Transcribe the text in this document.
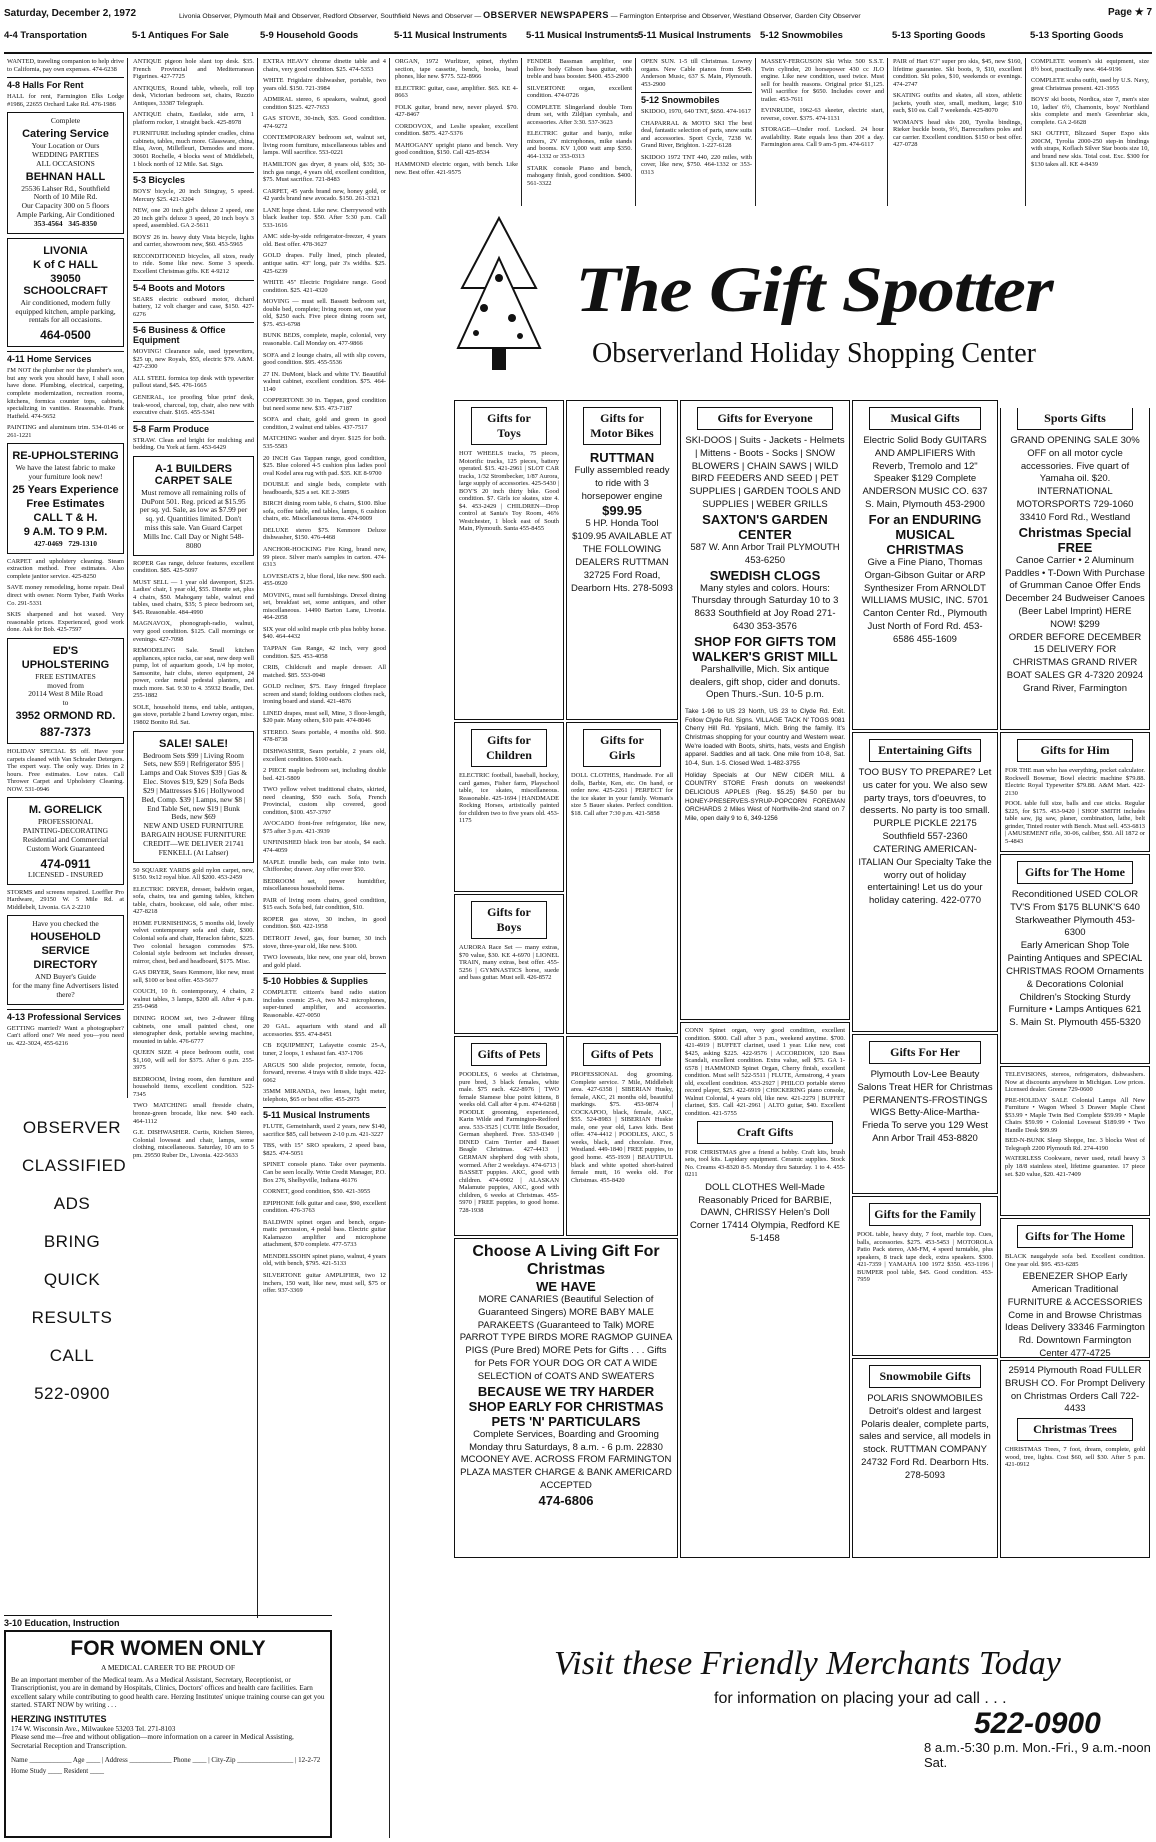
Saturday, December 2, 1972	Livonia Observer, Plymouth Mail and Observer, Redford Observer, Southfield News and Observer — OBSERVER NEWSPAPERS — Farmington Enterprise and Observer, Westland Observer, Garden City Observer	Page ★ 7
4-4 Transportation	5-1 Antiques For Sale	5-9 Household Goods	5-11 Musical Instruments 5-11 Musical Instruments 5-11 Musical Instruments 5-12 Snowmobiles	5-13 Sporting Goods	5-13 Sporting Goods

WANTED, traveling companion to help drive to California, pay own expenses. 474-6238

4-8 Halls For Rent

HALL for rent, Farmington Elks Lodge #1986, 22655 Orchard Lake Rd. 476-1986

Complete
Catering Service
Your Location or Ours
WEDDING PARTIES
ALL OCCASIONS
BEHNAN HALL
25536 Lahser Rd., Southfield
North of 10 Mile Rd.
Our Capacity 300 on 5 floors
Ample Parking, Air Conditioned
353-4564 345-8350
LIVONIA
K of C HALL
39050 SCHOOLCRAFT
Air conditioned, modern fully equipped kitchen, ample parking, rentals for all occasions.
464-0500
4-11 Home Services

I'M NOT the plumber nor the plumber's son, but any work you should have, I shall soon have done. Plumbing, electrical, carpeting, complete modernization, recreation rooms, kitchens, formica counter tops, cabinets, specializing in vanities. Reasonable. Frank Hatfield. 474-5652

PAINTING and aluminum trim. 534-0146 or 261-1221

RE-UPHOLSTERING
We have the latest fabric to make your furniture look new!
25 Years Experience
Free Estimates
CALL T & H.
9 A.M. TO 9 P.M.
427-0469 729-1310

CARPET and upholstery cleaning. Steam extraction method. Free estimates. Also complete janitor service. 425-8250

SAVE money remodeling, home repair. Deal direct with owner. Norm Tyber, Faith Works Co. 291-5331

SKIS sharpened and hot waxed. Very reasonable prices. Experienced, good work done. Ask for Bob. 425-7597

ED'S
UPHOLSTERING
FREE ESTIMATES
moved from
20114 West 8 Mile Road
to
3952 ORMOND RD.
887-7373

HOLIDAY SPECIAL $5 off. Have your carpets cleaned with Van Schrader Detergers. The expert way. The only way. Dries in 2 hours. Free estimates. Low rates. Call Thrower Carpet and Upholstery Cleaning. NOW. 531-0946

M. GORELICK
PROFESSIONAL
PAINTING-DECORATING
Residential and Commercial
Custom Work Guaranteed
474-0911
LICENSED - INSURED

STORMS and screens repaired. Loeffler Pro Hardware, 29150 W. 5 Mile Rd. at Middlebelt, Livonia. GA 2-2210

Have you checked the
HOUSEHOLD
SERVICE
DIRECTORY
AND Buyer's Guide
for the many fine Advertisers listed there?
4-13 Professional Services

GETTING married? Want a photographer? Can't afford one? We need you—you need us. 422-3024, 455-6216

OBSERVER
CLASSIFIED
ADS
BRING
QUICK
RESULTS
CALL
522-0900

ANTIQUE pigeon hole slant top desk. $35. French Provincial and Mediterranean Figurines. 427-7725

ANTIQUES, Round table, wheels, roll top desk, Victorian bedroom set, chairs, Ruzzio Antiques, 33387 Telegraph.

ANTIQUE chairs, Eastlake, side arm, 1 platform rocker, 1 straight back. 425-8978

FURNITURE including spinder cradles, china cabinets, tables, much more. Glassware, china, Elsa, Avon, Millefleuri, Demodes and more. 30601 Rochelle, 4 blocks west of Middlebelt, 1 block north of 12 Mile. Sat. Sign.

5-3 Bicycles

BOYS' bicycle, 20 inch Stingray, 5 speed. Mercury $25. 421-3204

NEW, one 20 inch girl's deluxe 2 speed, one 20 inch girl's deluxe 3 speed, 20 inch boy's 3 speed, assembled. GA 2-5611

BOYS' 26 in. heavy duty Vista bicycle, lights and carrier, showroom new, $60. 453-5965

RECONDITIONED bicycles, all sizes, ready to ride. Some like new. Some 3 speeds. Excellent Christmas gifts. KE 4-9212

5-4 Boots and Motors

SEARS electric outboard motor, dichard battery, 12 volt charger and case, $150. 427-6276

5-6 Business & Office Equipment

MOVING! Clearance sale, used typewriters, $25 up, new Royals, $55, electric $79. A&M. 427-2300

ALL STEEL formica top desk with typewriter pullout stand, $45. 476-1665

GENERAL, ice proofing 'blue print' desk, teak-wood, charcoal, top, chair, also new with executive chair. $165. 455-5341

5-8 Farm Produce

STRAW. Clean and bright for mulching and bedding. Ou York at farm. 453-6429

A-1 BUILDERS CARPET SALE
Must remove all remaining rolls of DuPont 501. Reg. priced at $15.95 per sq. yd. Sale, as low as $7.99 per sq. yd. Quantities limited. Don't miss this sale. Van Guard Carpet Mills Inc. Call Day or Night 548-8080

ROPER Gas range, deluxe features, excellent condition. $85. 425-5097

MUST SELL — 1 year old davenport, $125. Ladies' chair, 1 year old, $55. Dinette set, plus 4 chairs, $50. Mahogany table, walnut end tables, used chairs, $35; 5 piece bedroom set, $45. Reasonable. 484-4990

MAGNAVOX, phonograph-radio, walnut, very good condition. $125. Call mornings or evenings. 427-7098

REMODELING Sale. Small kitchen appliances, spice racks, car seat, new deep well pump, lot of aquarium goods, 1/4 hp motor, Samsonite, hair clubs, stereo equipment, 24 power, cedar metal pedestal planters, and much more. Sat. 9:30 to 4. 35932 Bradle, Det. 255-1882

SOLE, household items, end table, antiques, gas stove, portable 2 band Lowrey organ, misc. 19802 Bonito Rd. Sat.

SALE! SALE!
Bedroom Sets $99 | Living Room Sets, new $59 | Refrigerator $95 | Lamps and Oak Stoves $39 | Gas & Elec. Stoves $19, $29 | Sofa Beds $29 | Mattresses $16 | Hollywood Bed, Comp. $39 | Lamps, new $8 | End Table Set, new $19 | Bunk Beds, new $69
NEW AND USED FURNITURE BARGAIN HOUSE FURNITURE CREDIT—WE DELIVER 21741 FENKELL (At Lahser)

50 SQUARE YARDS gold nylon carpet, new, $150. 9x12 royal blue. All $200. 453-2459

ELECTRIC DRYER, dresser, baldwin organ, sofa, chairs, tea and gaming tables, kitchen table, chairs, bookcase, old sale, other misc. 427-8218

HOME FURNISHINGS, 5 months old, lovely velvet contemporary sofa and chair, $300. Colonial sofa and chair, Heraclon fabric, $225. Two colonial hexagon commodes $75. Colonial style bedroom set includes dresser, mirror, chest, bed and headboard, $175. Misc.

GAS DRYER, Sears Kenmore, like new, must sell, $100 or best offer. 453-5677

COUCH, 10 ft. contemporary, 4 chairs, 2 walnut tables, 3 lamps, $200 all. After 4 p.m. 255-0468

DINING ROOM set, two 2-drawer filing cabinets, one small painted chest, one stenographer desk, portable sewing machine, mounted in table. 476-6777

QUEEN SIZE 4 piece bedroom outfit, cost $1,160, will sell for $375. After 6 p.m. 255-3975

BEDROOM, living room, den furniture and household items, excellent condition. 522-7345

TWO MATCHING small fireside chairs, bronze-green brocade, like new. $40 each. 464-1112

G.E. DISHWASHER. Curtis, Kitchen Stereo, Colonial loveseat and chair, lamps, some clothing, miscellaneous. Saturday, 10 am to 5 pm. 29550 Ruber Dr., Livonia. 422-5633

EXTRA HEAVY chrome dinette table and 4 chairs, very good condition. $25. 474-5353

WHITE Frigidaire dishwasher, portable, two years old. $150. 721-3984

ADMIRAL stereo, 6 speakers, walnut, good condition $125. 427-7653

GAS STOVE, 30-inch, $35. Good condition. 474-9272

CONTEMPORARY bedroom set, walnut set, living room furniture, miscellaneous tables and lamps. Will sacrifice. 553-0221

HAMILTON gas dryer, 8 years old, $35; 30-inch gas range, 4 years old, excellent condition, $75. Must sacrifice. 721-8483

CARPET, 45 yards brand new, honey gold, or 42 yards brand new avocado. $150. 261-3321

LANE hope chest. Like new. Cherrywood with black leather top. $50. After 5:30 p.m. Call 533-1616

AMC side-by-side refrigerator-freezer, 4 years old. Best offer. 478-3627

GOLD drapes. Fully lined, pinch pleated, antique satin. 43" long, pair 3's widths. $25. 425-6239

WHITE 45" Electric Frigidaire range. Good condition. $25. 421-4320

MOVING — must sell. Bassett bedroom set, double bed, complete; living room set, one year old, $250 each. Five piece dining room set, $75. 453-6798

BUNK BEDS, complete, maple, colonial, very reasonable. Call Monday on. 477-9866

SOFA and 2 lounge chairs, all with slip covers, good condition. $95. 455-5536

27 IN. DuMont, black and white TV. Beautiful walnut cabinet, excellent condition. $75. 464-1140

COPPERTONE 30 in. Tappan, good condition but need some new. $35. 473-7187

SOFA and chair, gold and green in good condition, 2 walnut end tables. 437-7517

MATCHING washer and dryer. $125 for both. 535-5583

20 INCH Gas Tappan range, good condition, $25. Blue colored 4-5 cushion plus ladies pool oval Kodel area rug with pad. $35. KE 8-9700

DOUBLE and single beds, complete with headboards, $25 a set. KE 2-3985

BIRCH dining room table, 6 chairs, $100. Blue sofa, coffee table, end tables, lamps, 6 cushion chairs, etc. Miscellaneous items. 474-9009

DELUXE stereo $75. Kenmore Deluxe dishwasher, $150. 476-4468

ANCHOR-HOCKING Fire King, brand new, 99 piece. Silver man's samples in carton. 474-6313

LOVESEATS 2, blue floral, like new. $90 each. 455-0920

MOVING, must sell furnishings. Drexel dining set, breakfast set, some antiques, and other miscellaneous. 14490 Barton Lane, Livonia. 464-2058

SIX year old solid maple crib plus hobby horse. $40. 464-4432

TAPPAN Gas Range, 42 inch, very good condition. $25. 453-4058

CRIB, Childcraft and maple dresser. All matched. $85. 553-0948

GOLD recliner, $75. Easy fringed fireplace screen and stand; folding outdoors clothes rack, ironing board and stand. 421-4876

LINED drapes, must sell, Mine, 3 floor-length, $20 pair. Many others, $10 pair. 474-8046

STEREO. Sears portable, 4 months old. $60. 478-8738

DISHWASHER, Sears portable, 2 years old, excellent condition. $100 each.

2 PIECE maple bedroom set, including double bed. 421-5809

TWO yellow velvet traditional chairs, skirted, need cleaning, $50 each. Sofa, French Provincial, custom slip covered, good condition, $100. 457-3797

AVOCADO front-free refrigerator, like new, $75 after 3 p.m. 421-3939

UNFINISHED black iron bar stools, $4 each. 474-4059

MAPLE trundle beds, can make into twin. Chifforobe; drawer. Any offer over $50.

BEDROOM set, power humidifier, miscellaneous household items.

PAIR of living room chairs, good condition, $15 each. Sofa bed, fair condition, $10.

ROPER gas stove, 30 inches, in good condition. $60. 422-1958

DETROIT Jewel, gas, four burner, 30 inch stove, three-year old, like new. $100.

TWO loveseats, like new, one year old, brown and gold plaid.

5-10 Hobbies & Supplies

COMPLETE citizen's band radio station includes cosmic 25-A, two M-2 microphones, super-tuned amplifier, and accessories. Reasonable. 427-0050

20 GAL. aquarium with stand and all accessories. $55. 474-8451

CB EQUIPMENT, Lafayette cosmic 25-A, tuner, 2 loops, 1 exhaust fan. 437-1706

ARGUS 500 slide projector, remote, focus, forward, reverse. 4 trays with 8 slide trays. 422-6062

35MM MIRANDA, two lenses, light meter, telephoto, $65 or best offer. 455-2975

5-11 Musical Instruments

FLUTE, Gemeinhardt, used 2 years, new $140, sacrifice $85, call between 2-10 p.m. 421-3227

TBS, with 15" SRO speakers, 2 speed bass, $825. 474-5051

SPINET console piano. Take over payments. Can be seen locally. Write Credit Manager, P.O. Box 276, Shelbyville, Indiana 46176

CORNET, good condition, $50. 421-3955

EPIPHONE folk guitar and case, $90, excellent condition. 476-3763

BALDWIN spinet organ and bench, organ-matic percussion, 4 pedal bass. Electric guitar Kalamazoo amplifier and microphone attachment, $70 complete. 477-5733

MENDELSSOHN spinet piano, walnut, 4 years old, with bench, $795. 421-5133

SILVERTONE guitar AMPLIFIER, two 12 inchers, 150 watt, like new, must sell, $75 or offer. 937-3369

ORGAN, 1972 Wurlitzer, spinet, rhythm section, tape cassette, bench, books, head phones, like new. $775. 522-8966

ELECTRIC guitar, case, amplifier. $65. KE 4-8663

FOLK guitar, brand new, never played. $70. 427-8467

CORDOVOX, and Leslie speaker, excellent condition. $875. 427-5376

MAHOGANY upright piano and bench. Very good condition, $150. Call 425-8534

HAMMOND electric organ, with bench. Like new. Best offer. 421-9575

FENDER Bassman amplifier, one hollow body Gibson bass guitar, with treble and bass booster. $400. 453-2900

SILVERTONE organ, excellent condition. 474-0726

COMPLETE Slingerland double Tom drum set, with Zildjian cymbals, and accessories. After 3:30. 537-3623

ELECTRIC guitar and banjo, mike mixers, 2V microphones, mike stands and booms. KV 1,000 watt amp $350. 464-1332 or 353-0313

STARK console Piano and bench, mahogany finish, good condition. $400. 561-3322

OPEN SUN. 1-5 till Christmas. Lowrey organs. New Cable pianos from $549. Anderson Music, 637 S. Main, Plymouth. 453-2900

5-12 Snowmobiles

SKIDOO, 1970, 640 TNT, $650. 474-1617

CHAPARRAL & MOTO SKI The best deal, fantastic selection of parts, snow suits and accessories. Sport Cycle, 7238 W. Grand River, Brighton. 1-227-6128

SKIDOO 1972 TNT 440, 220 miles, with cover, like new, $750. 464-1332 or 353-0313

MASSEY-FERGUSON Ski Whiz 500 S.S.T. Twin cylinder, 20 horsepower 430 cc JLO engine. Like new condition, used twice. Must sell for health reasons. Original price $1,125. Will sacrifice for $650. Includes cover and trailer. 453-7611

EVINRUDE, 1962-63 skeeter, electric start, reverse, cover. $375. 474-1131

STORAGE—Under roof. Locked. 24 hour availability. Rate equals less than 20¢ a day. Farmington area. Call 9 am-5 pm. 474-6117

PAIR of Hart 6'3" super pro skis, $45, new $160, lifetime guarantee. Ski boots, 9, $10, excellent condition. Ski poles, $10, weekends or evenings. 474-2747

SKATING outfits and skates, all sizes, athletic jackets, youth size, small, medium, large; $10 each, $10 ea. Call 7 weekends. 425-8070

WOMAN'S head skis 200, Tyrolia bindings, Rieker buckle boots, 9½, Barrecrafters poles and car carrier. Excellent condition. $150 or best offer. 427-0728

COMPLETE women's ski equipment, size 8½ boot, practically new. 464-9196

COMPLETE scuba outfit, used by U.S. Navy, great Christmas present. 421-3955

BOYS' ski boots, Nordica, size 7, men's size 10, ladies' 6½, Chamonix, boys' Northland skis complete and men's Greenbriar skis, complete. GA 2-6628

SKI OUTFIT, Blizzard Super Expo skis 200CM, Tyrolia 2000-250 step-in bindings with straps, Koflach Silver Star boots size 10, and brand new skis. Total cost. Exc. $300 for $130 takes all. KE 4-8439

The Gift Spotter
Observerland Holiday Shopping Center
Gifts for Toys

HOT WHEELS tracks, 75 pieces, Motorific tracks, 125 pieces, battery operated. $15. 421-2961 | SLOT CAR tracks, 1/32 Strombecker, 1/87 Aurora, large supply of accessories. 425-5430 | BOY'S 20 inch thirty bike. Good condition. $7. Girls ice skates, size 4. $4. 453-2429 | CHILDREN—Drop control at Santa's Toy Room, 46% Westchester, 1 block east of South Main, Plymouth. Santa 455-8455

Gifts for Motor Bikes
RUTTMAN
Fully assembled ready to ride with 3 horsepower engine
$99.95
5 HP. Honda Tool $109.95 AVAILABLE AT THE FOLLOWING DEALERS RUTTMAN 32725 Ford Road, Dearborn Hts. 278-5093
Gifts for Everyone
SKI-DOOS | Suits - Jackets - Helmets | Mittens - Boots - Socks | SNOW BLOWERS | CHAIN SAWS | WILD BIRD FEEDERS AND SEED | PET SUPPLIES | GARDEN TOOLS AND SUPPLIES | WEBER GRILLS
SAXTON'S GARDEN CENTER
587 W. Ann Arbor Trail PLYMOUTH 453-6250

SWEDISH CLOGS
Many styles and colors. Hours: Thursday through Saturday 10 to 3
8633 Southfield at Joy Road 271-6430 353-3576

SHOP FOR GIFTS TOM WALKER'S GRIST MILL
Parshallville, Mich. Six antique dealers, gift shop, cider and donuts. Open Thurs.-Sun. 10-5 p.m.

Take 1-96 to US 23 North, US 23 to Clyde Rd. Exit. Follow Clyde Rd. Signs. VILLAGE TACK N' TOGS 9081 Cherry Hill Rd. Ypsilanti, Mich. Bring the family. It's Christmas shopping for your country and Western wear. We're loaded with Boots, shirts, hats, vests and English apparel. Saddles and all tack. One mile from 10-8, Sat. 10-4, Sun. 1-5. Closed Wed. 1-482-3755

Holiday Specials at Our NEW CIDER MILL & COUNTRY STORE Fresh donuts on weekends! DELICIOUS APPLES (Reg. $5.25) $4.50 per bu HONEY-PRESERVES-SYRUP-POPCORN FOREMAN ORCHARDS 2 Miles West of Northville-2nd stand on 7 Mile, open daily 9 to 6, 349-1256

Musical Gifts
Electric Solid Body GUITARS AND AMPLIFIERS With Reverb, Tremolo and 12" Speaker $129 Complete ANDERSON MUSIC CO. 637 S. Main, Plymouth 453-2900

For an ENDURING MUSICAL CHRISTMAS
Give a Fine Piano, Thomas Organ-Gibson Guitar or ARP Synthesizer From ARNOLDT WILLIAMS MUSIC, INC. 5701 Canton Center Rd., Plymouth Just North of Ford Rd. 453-6586 455-1609
Sports Gifts
GRAND OPENING SALE 30% OFF on all motor cycle accessories. Five quart of Yamaha oil. $20. INTERNATIONAL MOTORSPORTS 729-1060 33410 Ford Rd., Westland
Christmas Special FREE
Canoe Carrier • 2 Aluminum Paddles • T-Down With Purchase of Grumman Canoe Offer Ends December 24 Budweiser Canoes (Beer Label Imprint) HERE NOW! $299
ORDER BEFORE DECEMBER 15 DELIVERY FOR CHRISTMAS GRAND RIVER BOAT SALES GR 4-7320 20924 Grand River, Farmington
Gifts for Children

ELECTRIC football, baseball, hockey, card games, Fisher farm, Playschool table, ice skates, miscellaneous. Reasonable. 425-1694 | HANDMADE Rocking Horses, artistically painted for children two to five years old. 453-1175

Gifts for Boys

AURORA Race Set — many extras, $70 value, $30. KE 4-6970 | LIONEL TRAIN, many extras, best offer. 455-5256 | GYMNASTICS horse, suede and bass guitar. Must sell. 426-8572

Gifts for Girls

DOLL CLOTHES, Handmade. For all dolls, Barbie, Ken, etc. On hand, or order now. 425-2261 | PERFECT for the ice skater in your family. Woman's size 5 Bauer skates. Perfect condition. $18. Call after 7:30 p.m. 421-5858

Gifts of Pets

POODLES, 6 weeks at Christmas, pure bred, 3 black females, white male. $75 each. 422-8976 | TWO female Siamese blue point kittens, 8 weeks old. Call after 4 p.m. 474-6268 | POODLE grooming, experienced, Karin Wilde and Farmington-Redford area. 533-3525 | CUTE little Boxador, German shepherd. Free. 533-0349 | DINED Cairn Terrier and Basset Beagle Christmas. 427-4413 | GERMAN shepherd dog with shots, wormed. After 2 weekdays. 474-6713 | BASSET puppies. AKC, good with children. 474-0902 | ALASKAN Malamute puppies, AKC, good with children, 6 weeks at Christmas. 455-5970 | FREE puppies, to good home. 728-1938

Gifts of Pets

PROFESSIONAL dog grooming. Complete service. 7 Mile, Middlebelt area. 427-6358 | SIBERIAN Husky, female, AKC, 21 months old, beautiful markings. $75. 453-9874 | COCKAPOO, black, female, AKC, $55. 524-8983 | SIBERIAN Huskie male, one year old, Laws kids. Best offer. 474-4412 | POODLES, AKC, 5 weeks, black, and chocolate. Free, Westland. 449-1840 | FREE puppies, to good home. 455-1939 | BEAUTIFUL black and white spotted short-haired female mutt, 16 weeks old. For Christmas. 455-8420

Choose A Living Gift For Christmas
WE HAVE
MORE CANARIES (Beautiful Selection of Guaranteed Singers) MORE BABY MALE PARAKEETS (Guaranteed to Talk) MORE PARROT TYPE BIRDS MORE RAGMOP GUINEA PIGS (Pure Bred) MORE Pets for Gifts . . . Gifts for Pets FOR YOUR DOG OR CAT A WIDE SELECTION of COATS AND SWEATERS

BECAUSE WE TRY HARDER SHOP EARLY FOR CHRISTMAS PETS 'N' PARTICULARS
Complete Services, Boarding and Grooming Monday thru Saturdays, 8 a.m. - 6 p.m. 22830 MCOONEY AVE. ACROSS FROM FARMINGTON PLAZA MASTER CHARGE & BANK AMERICARD ACCEPTED
474-6806

CONN Spinet organ, very good condition, excellent condition. $900. Call after 3 p.m., weekend anytime. $700. 421-4919 | BUFFET clarinet, used 1 year. Like new, cost $425, asking $225. 422-9576 | ACCORDION, 120 Bass Scandali, excellent condition. Extra value, sell $75. GA 1-6578 | HAMMOND Spinet Organ, Cherry finish, excellent condition. Must sell! 522-5511 | FLUTE, Armstrong, 4 years old, excellent condition. 453-2927 | PHILCO portable stereo record player, $25. 422-6919 | CHICKERING piano console, Walnut Colonial, 4 years old, like new. 421-2279 | BUFFET clarinet, $35. Call 421-2961 | ALTO guitar, $40. Excellent condition. 421-5755

Craft Gifts

FOR CHRISTMAS give a friend a hobby. Craft kits, brush sets, tool kits. Lapidary equipment. Ceramic supplies. Stock No. Creams 43-8320 8-5. Monday thru Saturday. 1 to 4. 455-0211

DOLL CLOTHES Well-Made Reasonably Priced for BARBIE, DAWN, CHRISSY Helen's Doll Corner 17414 Olympia, Redford KE 5-1458
Entertaining Gifts
TOO BUSY TO PREPARE? Let us cater for you. We also sew party trays, tors d'oeuvres, to desserts. No party is too small. PURPLE PICKLE 22175 Southfield 557-2360
CATERING AMERICAN-ITALIAN Our Specialty Take the worry out of holiday entertaining! Let us do your holiday catering. 422-0770
Gifts For Her
Plymouth Lov-Lee Beauty Salons Treat HER for Christmas PERMANENTS-FROSTINGS WIGS Betty-Alice-Martha-Frieda To serve you 129 West Ann Arbor Trail 453-8820
Gifts for the Family

POOL table, heavy duty, 7 foot, marble top. Cues, balls, accessories. $275. 453-5453 | MOTOROLA Patio Pack stereo, AM-FM, 4 speed turntable, plus speakers, 8 track tape deck, extra speakers. $300. 421-7359 | YAMAHA 100 1972 $350. 453-1196 | BUMPER pool table, $45. Good condition. 453-7959

Gifts for Him

FOR THE man who has everything, pocket calculator. Rockwell Bowmar, Bowl electric machine $79.88. Electric Royal Typewriter $79.88. A&M Mart. 422-2130

POOL table full size, balls and cue sticks. Regular $225, for $175. 453-9420 | SHOP SMITH includes table saw, jig saw, planer, combination, lathe, belt grinder, Tinted router with Bench. Must sell. 453-6813 | AMUSEMENT rifle, 30-06, caliber, $50. All 1872 or 5-4843

Gifts for The Home
Reconditioned USED COLOR TV'S From $175 BLUNK'S 640 Starkweather Plymouth 453-6300
Early American Shop Tole Painting Antiques and SPECIAL CHRISTMAS ROOM Ornaments & Decorations Colonial Children's Stocking Sturdy Furniture • Lamps Antiques 621 S. Main St. Plymouth 455-5320

TELEVISIONS, stereos, refrigerators, dishwashers. Now at discounts anywhere in Michigan. Low prices. Licensed dealer. Greene 729-0600

PRE-HOLIDAY SALE Colonial Lamps All New Furniture • Wagon Wheel 3 Drawer Maple Chest $53.99 • Maple Twin Bed Complete $59.99 • Maple Chairs $59.99 • Colonial Loveseat $189.99 • Two Handle Desk $99.99

BED-N-BUNK Sleep Shoppe, Inc. 3 blocks West of Telegraph 2200 Plymouth Rd. 274-4190

WATERLESS Cookware, never used, retail heavy 3 ply 18/8 stainless steel, lifetime guarantee. 17 piece set. $20 value, $20. 421-7409

Gifts for The Home

BLACK naugahyde sofa bed. Excellent condition. One year old. $95. 453-6285

EBENEZER SHOP Early American Traditional FURNITURE & ACCESSORIES Come in and Browse Christmas Ideas Delivery 33346 Farmington Rd. Downtown Farmington Center 477-4725
Snowmobile Gifts
POLARIS SNOWMOBILES Detroit's oldest and largest Polaris dealer, complete parts, sales and service, all models in stock. RUTTMAN COMPANY 24732 Ford Rd. Dearborn Hts. 278-5093
25914 Plymouth Road FULLER BRUSH CO. For Prompt Delivery on Christmas Orders Call 722-4433
Christmas Trees

CHRISTMAS Trees, 7 foot, dream, complete, gold wood, tree, lights. Cost $60, sell $30. After 5 p.m. 421-0912

Visit these Friendly Merchants Today
for information on placing your ad call . . .
522-0900
8 a.m.-5:30 p.m. Mon.-Fri., 9 a.m.-noon Sat.
3-10 Education, Instruction
FOR WOMEN ONLY
A MEDICAL CAREER TO BE PROUD OF

Be an important member of the Medical team. As a Medical Assistant, Secretary, Receptionist, or Transcriptionist, you are in demand by Hospitals, Clinics, Doctors' offices and health care facilities. Earn excellent salary while contributing to good health care. Herzing Institutes' unique training course can get you started. START NOW by writing . . .

HERZING INSTITUTES

174 W. Wisconsin Ave., Milwaukee 53203 Tel. 271-8103

Please send me—free and without obligation—more information on a career in Medical Assisting, Secretarial Reception and Transcription.

Name ____________ Age ____ | Address ____________ Phone ____ | City-Zip ________________ | 12-2-72 Home Study ____ Resident ____
